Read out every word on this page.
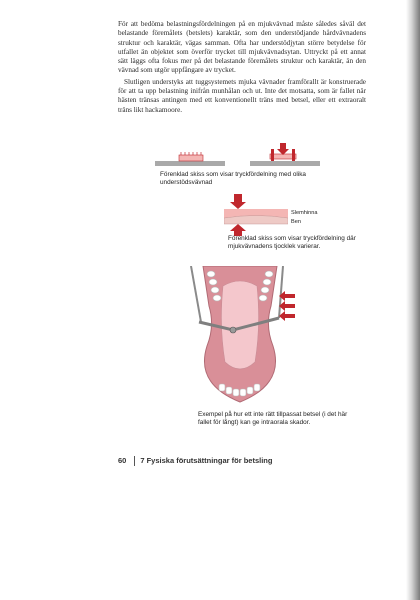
För att bedöma belastningsfördelningen på en mjukvävnad måste således såväl det belastande föremålets (betslets) karaktär, som den understödjande hårdvävnadens struktur och karaktär, vägas samman. Ofta har understödjytan större betydelse för utfallet än objektet som överför trycket till mjukvävnadsytan. Uttryckt på ett annat sätt läggs ofta fokus mer på det belastande föremålets struktur och karaktär, än den vävnad som utgör uppfångare av trycket.

Slutligen understyks att tuggsystemets mjuka vävnader framförallt är konstruerade för att ta upp belastning inifrån munhålan och ut. Inte det motsatta, som är fallet när hästen tränsas antingen med ett konventionellt träns med betsel, eller ett extraoralt träns likt hackamoore.

Förenklad skiss som visar tryckfördelning med olika understödsvävnad
Slemhinna
Ben
Förenklad skiss som visar tryckfördelning där mjukvävnadens tjocklek varierar.
Exempel på hur ett inte rätt tillpassat betsel (i det här fallet för långt) kan ge intraorala skador.
60 7 Fysiska förutsättningar för betsling
